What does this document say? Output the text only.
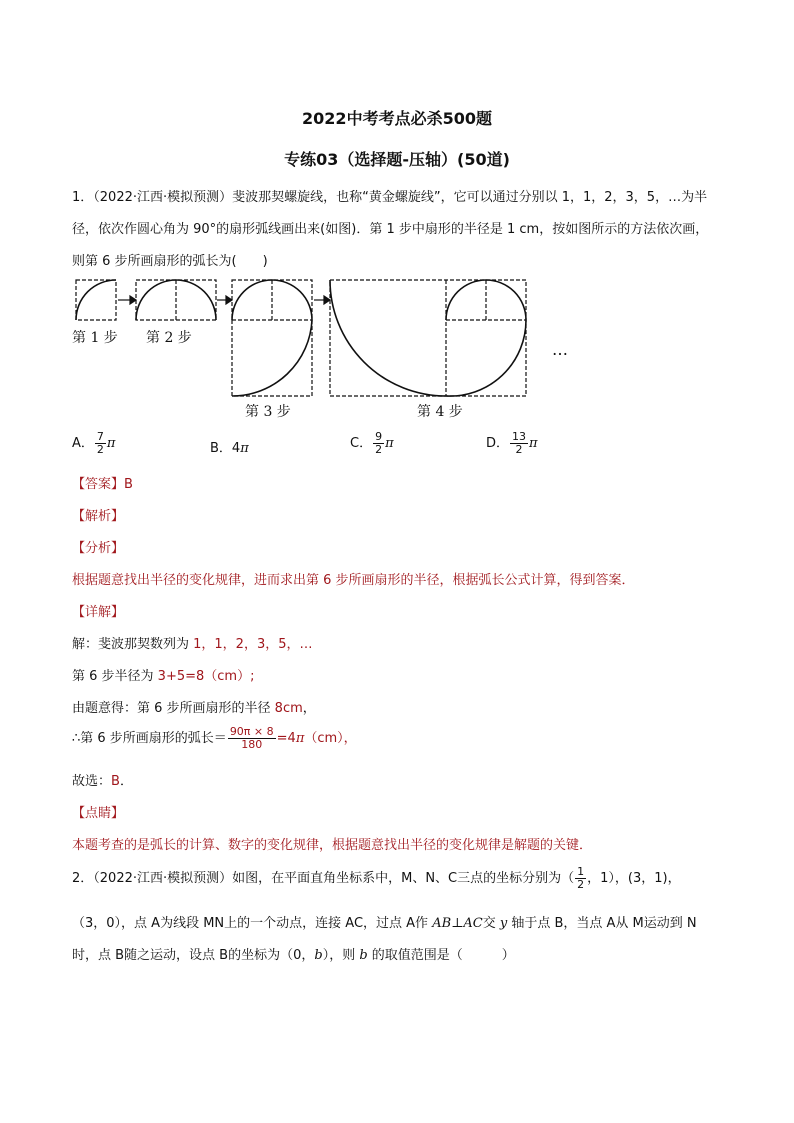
2022中考考点必杀500题
专练03（选择题-压轴）(50道)
1．（2022·江西·模拟预测）斐波那契螺旋线，也称“黄金螺旋线”，它可以通过分别以 1，1，2，3，5，…为半
径，依次作圆心角为 90°的扇形弧线画出来(如图)．第 1 步中扇形的半径是 1 cm，按如图所示的方法依次画，
则第 6 步所画扇形的弧长为(　　)
第 1 步 第 2 步
第 3 步	第 4 步
…
A． $\frac{7}{2}$ π	B．4π	C． $\frac{9}{2}$ π	D． $\frac{13}{2}$ π
【答案】B
【解析】
【分析】
根据题意找出半径的变化规律，进而求出第 6 步所画扇形的半径，根据弧长公式计算，得到答案．
【详解】
解：斐波那契数列为 1，1，2，3，5，…
第 6 步半径为 3+5=8（cm）;
由题意得：第 6 步所画扇形的半径 8cm，
∴第 6 步所画扇形的弧长＝ $\frac{90\pi \times 8}{180} =4\pi(cm)$，
故选：B．
【点睛】
本题考查的是弧长的计算、数字的变化规律，根据题意找出半径的变化规律是解题的关键．
2．（2022·江西·模拟预测）如图，在平面直角坐标系中，M、N、C三点的坐标分别为（ $\frac{1}{2}$ ，1），(3，1)，
（3，0），点 A为线段 MN上的一个动点，连接 AC，过点 A作 AB⊥AC交 y 轴于点 B，当点 A从 M运动到 N
时，点 B随之运动，设点 B的坐标为（0，b），则 b 的取值范围是（　　　）
